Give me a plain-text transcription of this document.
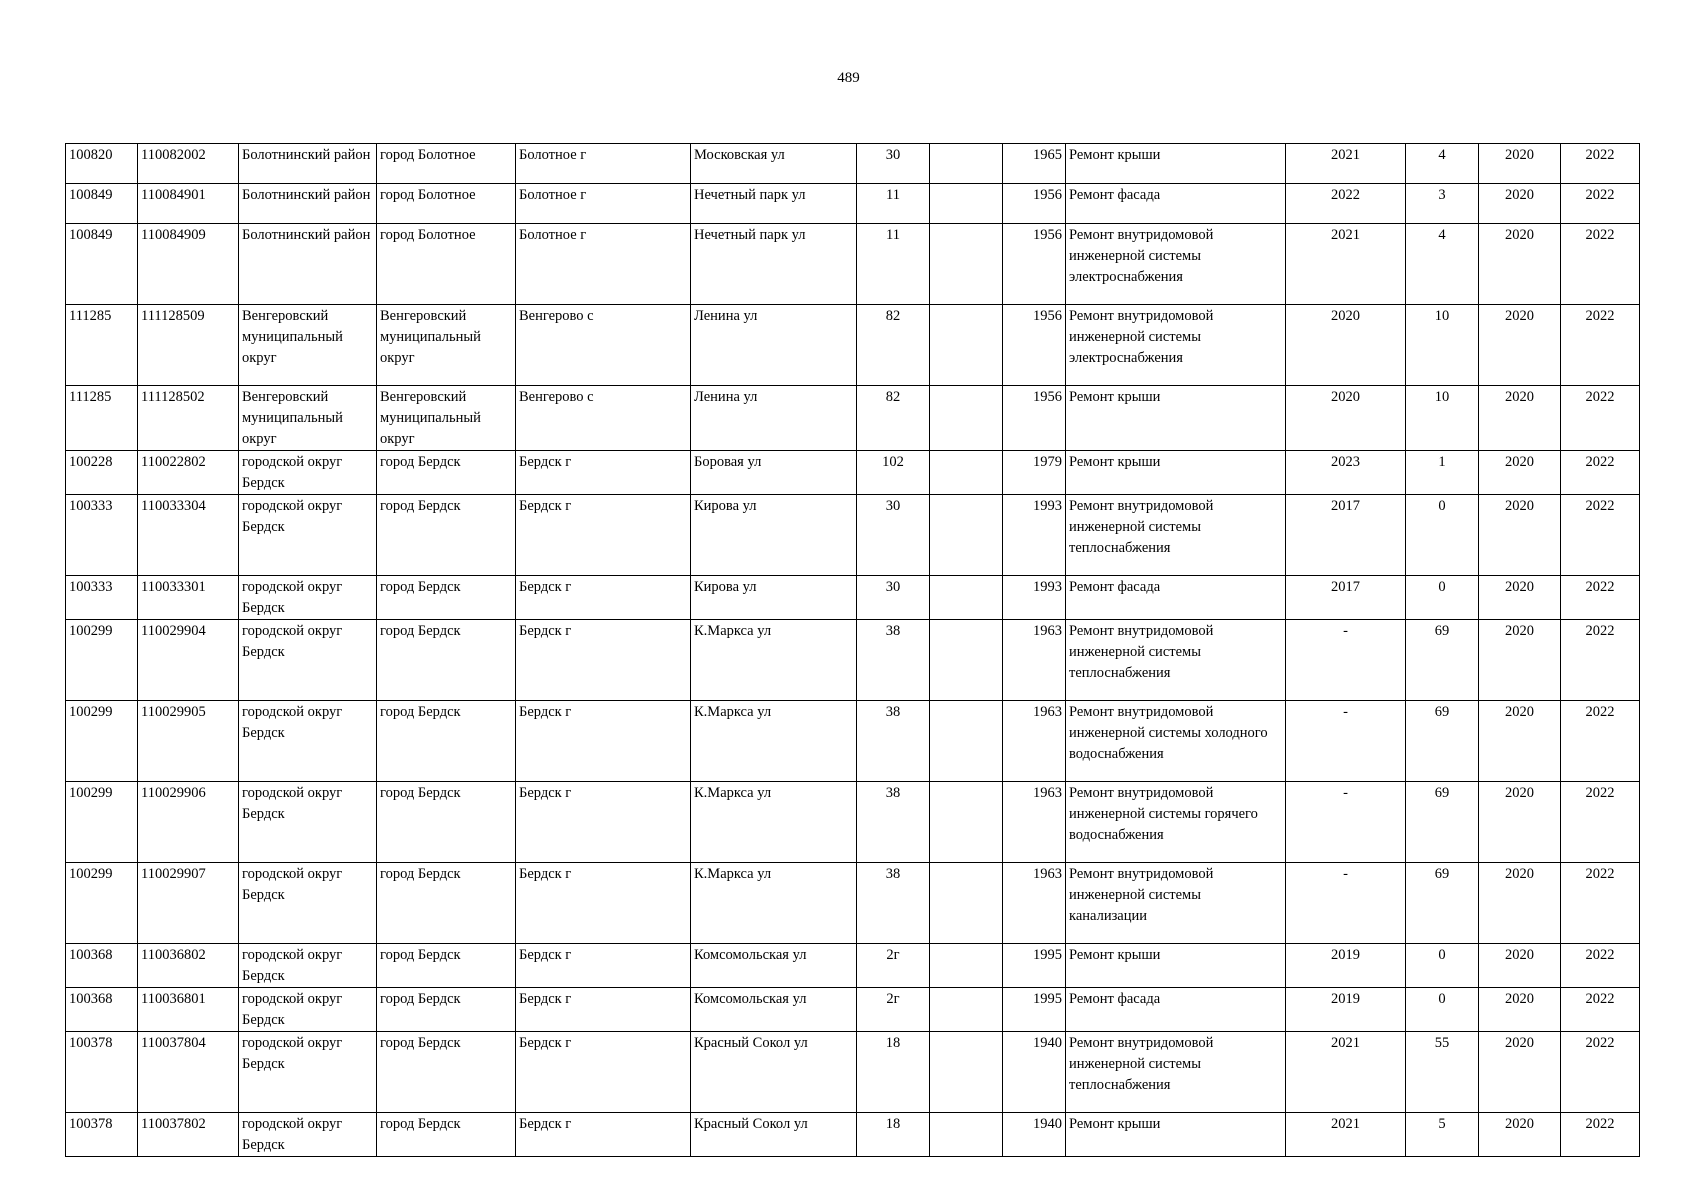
489
100820	110082002	Болотнинский район	город Болотное	Болотное г	Московская ул	30		1965	Ремонт крыши	2021	4	2020	2022
100849	110084901	Болотнинский район	город Болотное	Болотное г	Нечетный парк ул	11		1956	Ремонт фасада	2022	3	2020	2022
100849	110084909	Болотнинский район	город Болотное	Болотное г	Нечетный парк ул	11		1956	Ремонт внутридомовой инженерной системы электроснабжения	2021	4	2020	2022
111285	111128509	Венгеровский муниципальный округ	Венгеровский муниципальный округ	Венгерово с	Ленина ул	82		1956	Ремонт внутридомовой инженерной системы электроснабжения	2020	10	2020	2022
111285	111128502	Венгеровский муниципальный округ	Венгеровский муниципальный округ	Венгерово с	Ленина ул	82		1956	Ремонт крыши	2020	10	2020	2022
100228	110022802	городской округ Бердск	город Бердск	Бердск г	Боровая ул	102		1979	Ремонт крыши	2023	1	2020	2022
100333	110033304	городской округ Бердск	город Бердск	Бердск г	Кирова ул	30		1993	Ремонт внутридомовой инженерной системы теплоснабжения	2017	0	2020	2022
100333	110033301	городской округ Бердск	город Бердск	Бердск г	Кирова ул	30		1993	Ремонт фасада	2017	0	2020	2022
100299	110029904	городской округ Бердск	город Бердск	Бердск г	К.Маркса ул	38		1963	Ремонт внутридомовой инженерной системы теплоснабжения	-	69	2020	2022
100299	110029905	городской округ Бердск	город Бердск	Бердск г	К.Маркса ул	38		1963	Ремонт внутридомовой инженерной системы холодного водоснабжения	-	69	2020	2022
100299	110029906	городской округ Бердск	город Бердск	Бердск г	К.Маркса ул	38		1963	Ремонт внутридомовой инженерной системы горячего водоснабжения	-	69	2020	2022
100299	110029907	городской округ Бердск	город Бердск	Бердск г	К.Маркса ул	38		1963	Ремонт внутридомовой инженерной системы канализации	-	69	2020	2022
100368	110036802	городской округ Бердск	город Бердск	Бердск г	Комсомольская ул	2г		1995	Ремонт крыши	2019	0	2020	2022
100368	110036801	городской округ Бердск	город Бердск	Бердск г	Комсомольская ул	2г		1995	Ремонт фасада	2019	0	2020	2022
100378	110037804	городской округ Бердск	город Бердск	Бердск г	Красный Сокол ул	18		1940	Ремонт внутридомовой инженерной системы теплоснабжения	2021	55	2020	2022
100378	110037802	городской округ Бердск	город Бердск	Бердск г	Красный Сокол ул	18		1940	Ремонт крыши	2021	5	2020	2022
